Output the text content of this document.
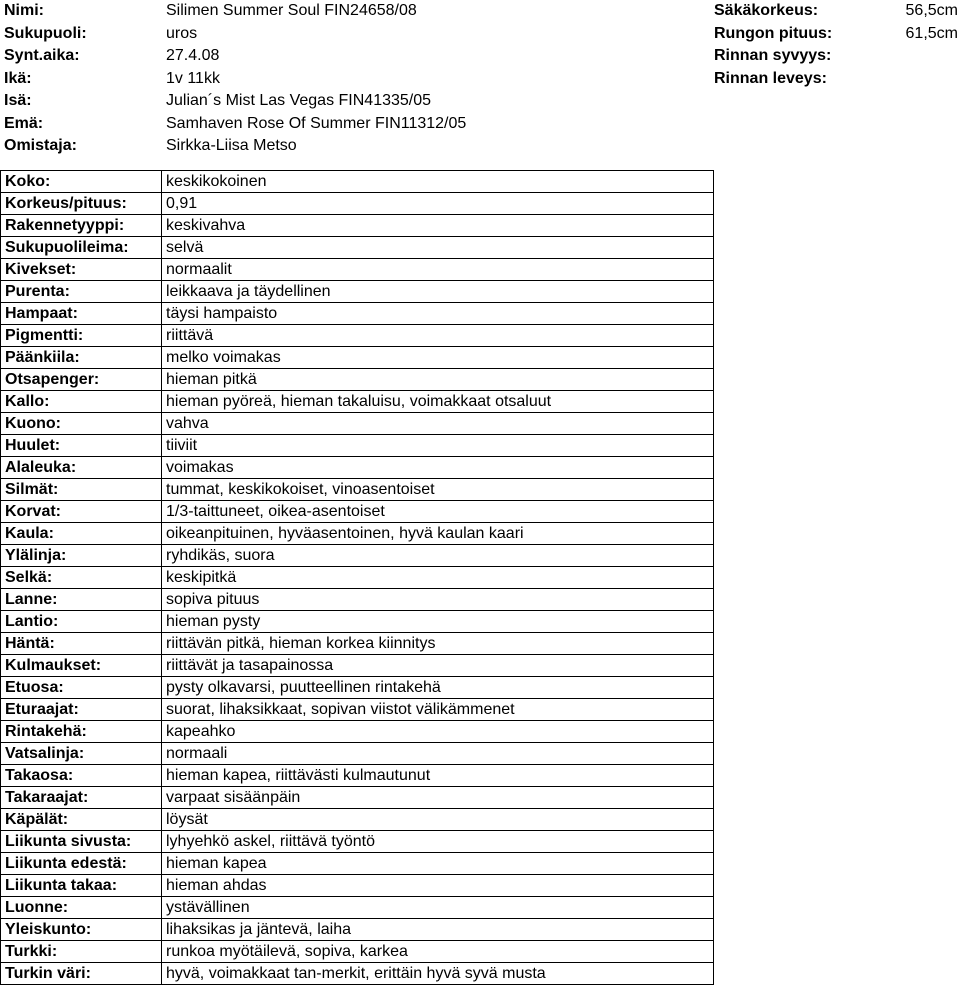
Nimi:	Silimen Summer Soul FIN24658/08	Säkäkorkeus:	56,5cm
Sukupuoli:	uros	Rungon pituus:	61,5cm
Synt.aika:	27.4.08	Rinnan syvyys:
Ikä:	1v 11kk	Rinnan leveys:
Isä:	Julian´s Mist Las Vegas FIN41335/05
Emä:	Samhaven Rose Of Summer FIN11312/05
Omistaja:	Sirkka-Liisa Metso
Koko:	keskikokoinen
Korkeus/pituus:	0,91
Rakennetyyppi:	keskivahva
Sukupuolileima:	selvä
Kivekset:	normaalit
Purenta:	leikkaava ja täydellinen
Hampaat:	täysi hampaisto
Pigmentti:	riittävä
Päänkiila:	melko voimakas
Otsapenger:	hieman pitkä
Kallo:	hieman pyöreä, hieman takaluisu, voimakkaat otsaluut
Kuono:	vahva
Huulet:	tiiviit
Alaleuka:	voimakas
Silmät:	tummat, keskikokoiset, vinoasentoiset
Korvat:	1/3-taittuneet, oikea-asentoiset
Kaula:	oikeanpituinen, hyväasentoinen, hyvä kaulan kaari
Ylälinja:	ryhdikäs, suora
Selkä:	keskipitkä
Lanne:	sopiva pituus
Lantio:	hieman pysty
Häntä:	riittävän pitkä, hieman korkea kiinnitys
Kulmaukset:	riittävät ja tasapainossa
Etuosa:	pysty olkavarsi, puutteellinen rintakehä
Eturaajat:	suorat, lihaksikkaat, sopivan viistot välikämmenet
Rintakehä:	kapeahko
Vatsalinja:	normaali
Takaosa:	hieman kapea, riittävästi kulmautunut
Takaraajat:	varpaat sisäänpäin
Käpälät:	löysät
Liikunta sivusta:	lyhyehkö askel, riittävä työntö
Liikunta edestä:	hieman kapea
Liikunta takaa:	hieman ahdas
Luonne:	ystävällinen
Yleiskunto:	lihaksikas ja jäntevä, laiha
Turkki:	runkoa myötäilevä, sopiva, karkea
Turkin väri:	hyvä, voimakkaat tan-merkit, erittäin hyvä syvä musta
